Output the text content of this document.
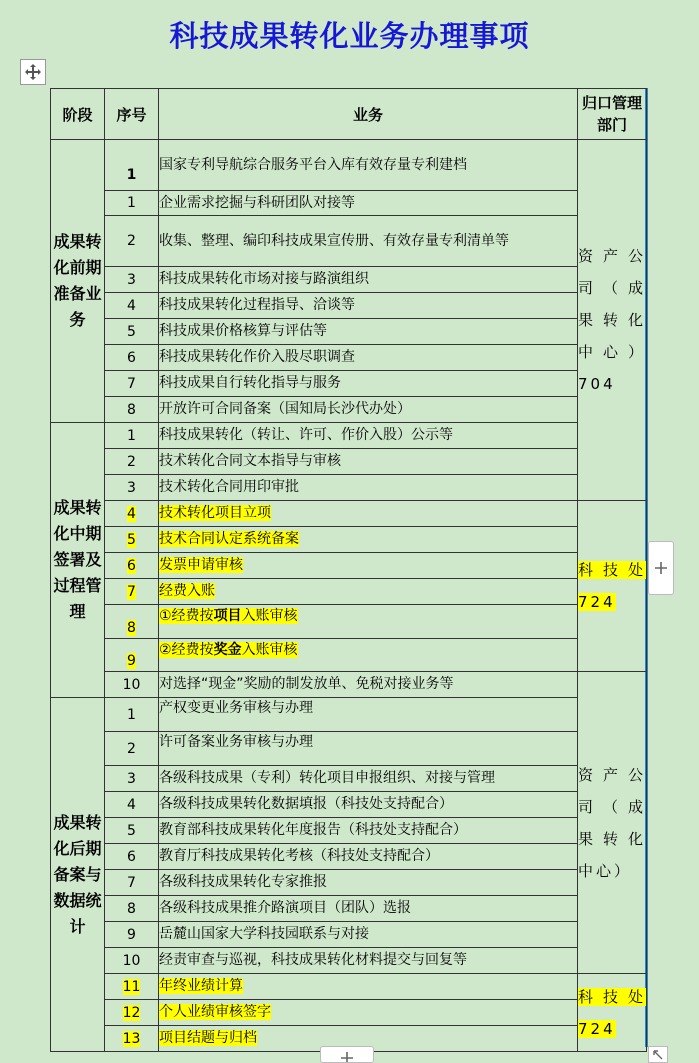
科技成果转化业务办理事项
阶段	序号	业务	归口管理部门
成果转化前期准备业务	1	国家专利导航综合服务平台入库有效存量专利建档	资产公司（成果转化中心）704
	1	企业需求挖掘与科研团队对接等	
	2	收集、整理、编印科技成果宣传册、有效存量专利清单等	
	3	科技成果转化市场对接与路演组织	
	4	科技成果转化过程指导、洽谈等	
	5	科技成果价格核算与评估等	
	6	科技成果转化作价入股尽职调查	
	7	科技成果自行转化指导与服务	
	8	开放许可合同备案（国知局长沙代办处）	
成果转化中期签署及过程管理	1	科技成果转化（转让、许可、作价入股）公示等	
	2	技术转化合同文本指导与审核	
	3	技术转化合同用印审批	
	4	技术转化项目立项	科技处724
	5	技术合同认定系统备案	
	6	发票申请审核	
	7	经费入账	
	8	①经费按项目入账审核	
	9	②经费按奖金入账审核	
	10	对选择“现金”奖励的制发放单、免税对接业务等	资产公司（成果转化中心）
成果转化后期备案与数据统计	1	产权变更业务审核与办理	
	2	许可备案业务审核与办理	
	3	各级科技成果（专利）转化项目申报组织、对接与管理	
	4	各级科技成果转化数据填报（科技处支持配合）	
	5	教育部科技成果转化年度报告（科技处支持配合）	
	6	教育厅科技成果转化考核（科技处支持配合）	
	7	各级科技成果转化专家推报	
	8	各级科技成果推介路演项目（团队）选报	
	9	岳麓山国家大学科技园联系与对接	
	10	经责审查与巡视，科技成果转化材料提交与回复等	
	11	年终业绩计算	科技处724
	12	个人业绩审核签字	
	13	项目结题与归档	
